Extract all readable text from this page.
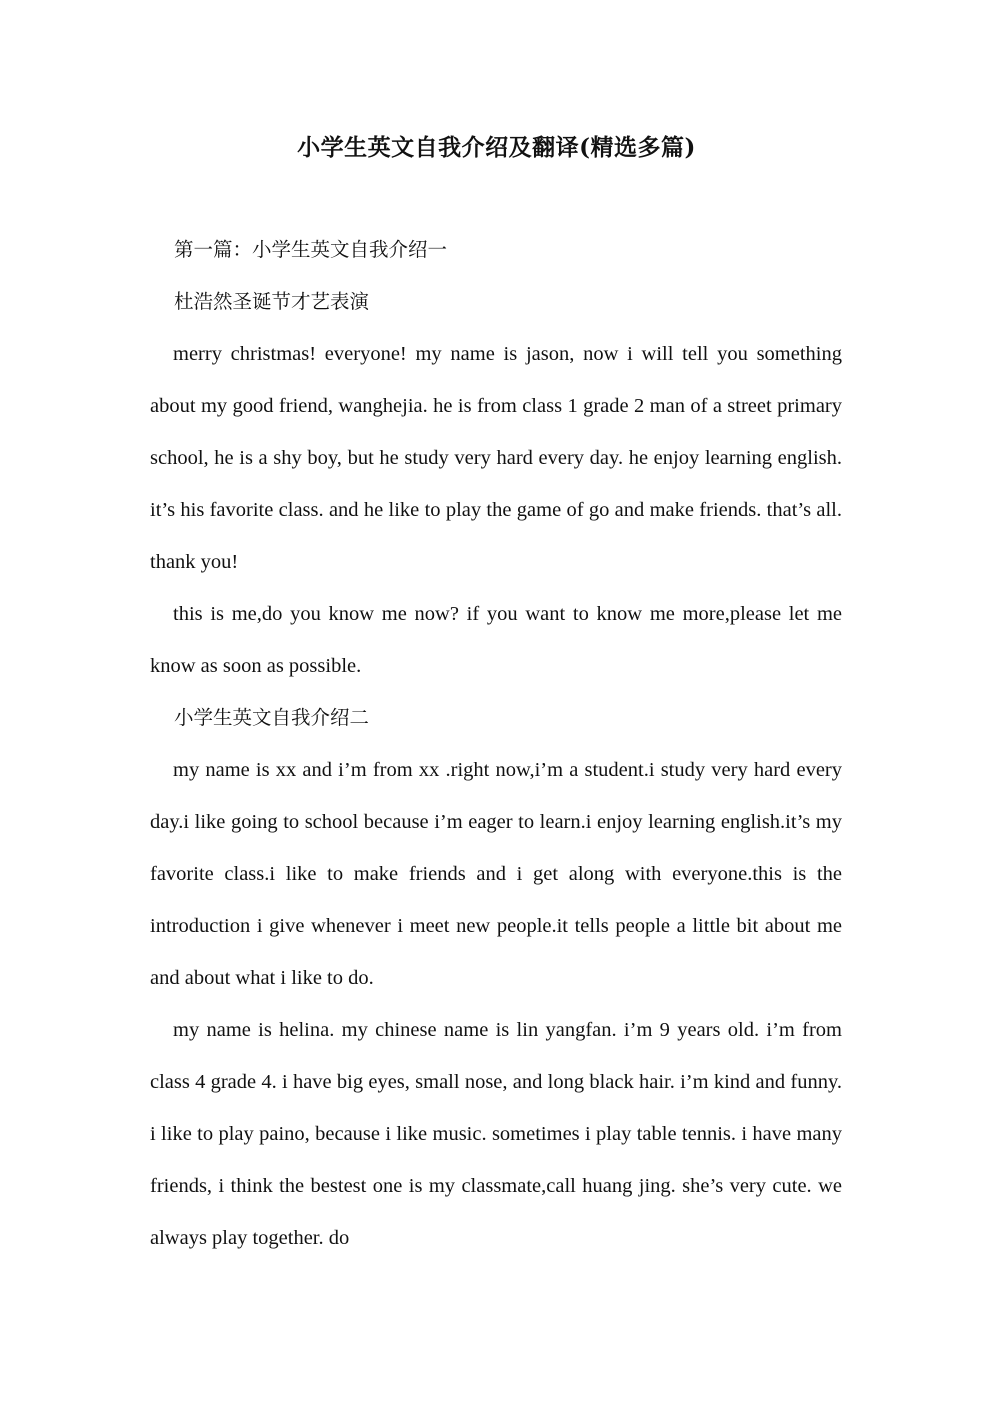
小学生英文自我介绍及翻译(精选多篇)

第一篇：小学生英文自我介绍一

杜浩然圣诞节才艺表演

merry christmas! everyone! my name is jason, now i will tell you something about my good friend, wanghejia. he is from class 1 grade 2 man of a street primary school, he is a shy boy, but he study very hard every day. he enjoy learning english. it’s his favorite class. and he like to play the game of go and make friends. that’s all. thank you!

this is me,do you know me now? if you want to know me more,please let me know as soon as possible.

小学生英文自我介绍二

my name is xx and i’m from xx .right now,i’m a student.i study very hard every day.i like going to school because i’m eager to learn.i enjoy learning english.it’s my favorite class.i like to make friends and i get along with everyone.this is the introduction i give whenever i meet new people.it tells people a little bit about me and about what i like to do.

my name is helina. my chinese name is lin yangfan. i’m 9 years old. i’m from class 4 grade 4. i have big eyes, small nose, and long black hair. i’m kind and funny. i like to play paino, because i like music. sometimes i play table tennis. i have many friends, i think the bestest one is my classmate,call huang jing. she’s very cute. we always play together. do
